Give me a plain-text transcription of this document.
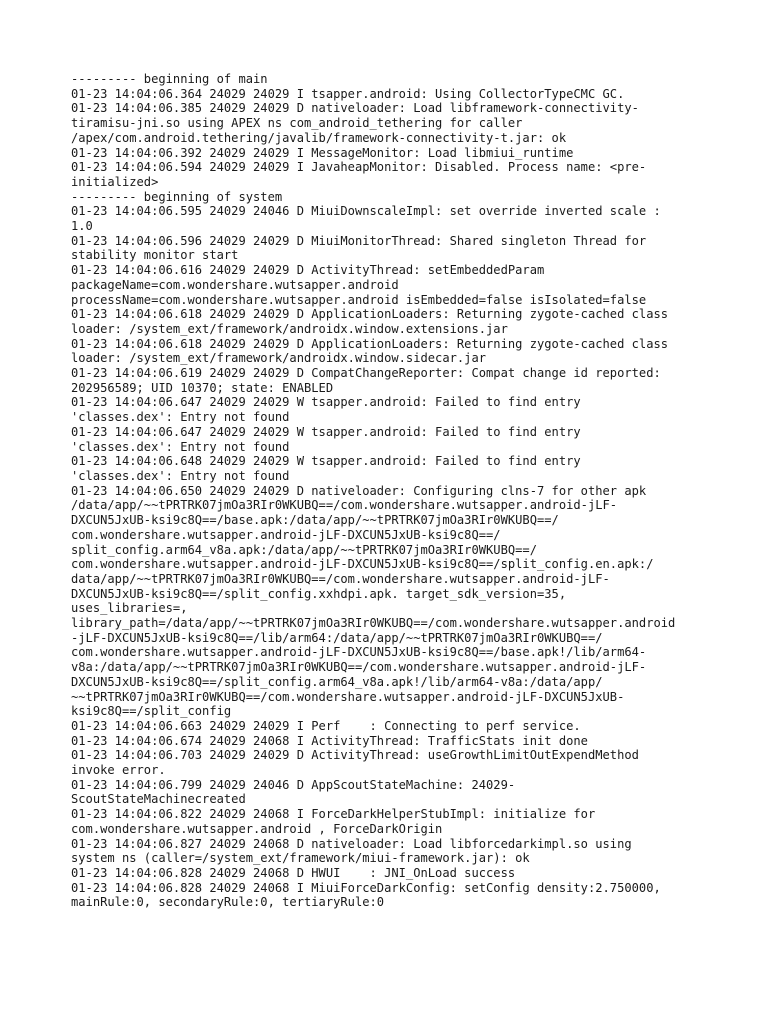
--------- beginning of main
01-23 14:04:06.364 24029 24029 I tsapper.android: Using CollectorTypeCMC GC.
01-23 14:04:06.385 24029 24029 D nativeloader: Load libframework-connectivity-
tiramisu-jni.so using APEX ns com_android_tethering for caller
/apex/com.android.tethering/javalib/framework-connectivity-t.jar: ok
01-23 14:04:06.392 24029 24029 I MessageMonitor: Load libmiui_runtime
01-23 14:04:06.594 24029 24029 I JavaheapMonitor: Disabled. Process name: <pre-
initialized>
--------- beginning of system
01-23 14:04:06.595 24029 24046 D MiuiDownscaleImpl: set override inverted scale :
1.0
01-23 14:04:06.596 24029 24029 D MiuiMonitorThread: Shared singleton Thread for
stability monitor start
01-23 14:04:06.616 24029 24029 D ActivityThread: setEmbeddedParam
packageName=com.wondershare.wutsapper.android
processName=com.wondershare.wutsapper.android isEmbedded=false isIsolated=false
01-23 14:04:06.618 24029 24029 D ApplicationLoaders: Returning zygote-cached class
loader: /system_ext/framework/androidx.window.extensions.jar
01-23 14:04:06.618 24029 24029 D ApplicationLoaders: Returning zygote-cached class
loader: /system_ext/framework/androidx.window.sidecar.jar
01-23 14:04:06.619 24029 24029 D CompatChangeReporter: Compat change id reported:
202956589; UID 10370; state: ENABLED
01-23 14:04:06.647 24029 24029 W tsapper.android: Failed to find entry
'classes.dex': Entry not found
01-23 14:04:06.647 24029 24029 W tsapper.android: Failed to find entry
'classes.dex': Entry not found
01-23 14:04:06.648 24029 24029 W tsapper.android: Failed to find entry
'classes.dex': Entry not found
01-23 14:04:06.650 24029 24029 D nativeloader: Configuring clns-7 for other apk
/data/app/~~tPRTRK07jmOa3RIr0WKUBQ==/com.wondershare.wutsapper.android-jLF-
DXCUN5JxUB-ksi9c8Q==/base.apk:/data/app/~~tPRTRK07jmOa3RIr0WKUBQ==/
com.wondershare.wutsapper.android-jLF-DXCUN5JxUB-ksi9c8Q==/
split_config.arm64_v8a.apk:/data/app/~~tPRTRK07jmOa3RIr0WKUBQ==/
com.wondershare.wutsapper.android-jLF-DXCUN5JxUB-ksi9c8Q==/split_config.en.apk:/
data/app/~~tPRTRK07jmOa3RIr0WKUBQ==/com.wondershare.wutsapper.android-jLF-
DXCUN5JxUB-ksi9c8Q==/split_config.xxhdpi.apk. target_sdk_version=35,
uses_libraries=,
library_path=/data/app/~~tPRTRK07jmOa3RIr0WKUBQ==/com.wondershare.wutsapper.android
-jLF-DXCUN5JxUB-ksi9c8Q==/lib/arm64:/data/app/~~tPRTRK07jmOa3RIr0WKUBQ==/
com.wondershare.wutsapper.android-jLF-DXCUN5JxUB-ksi9c8Q==/base.apk!/lib/arm64-
v8a:/data/app/~~tPRTRK07jmOa3RIr0WKUBQ==/com.wondershare.wutsapper.android-jLF-
DXCUN5JxUB-ksi9c8Q==/split_config.arm64_v8a.apk!/lib/arm64-v8a:/data/app/
~~tPRTRK07jmOa3RIr0WKUBQ==/com.wondershare.wutsapper.android-jLF-DXCUN5JxUB-
ksi9c8Q==/split_config
01-23 14:04:06.663 24029 24029 I Perf    : Connecting to perf service.
01-23 14:04:06.674 24029 24068 I ActivityThread: TrafficStats init done
01-23 14:04:06.703 24029 24029 D ActivityThread: useGrowthLimitOutExpendMethod
invoke error.
01-23 14:04:06.799 24029 24046 D AppScoutStateMachine: 24029-
ScoutStateMachinecreated
01-23 14:04:06.822 24029 24068 I ForceDarkHelperStubImpl: initialize for
com.wondershare.wutsapper.android , ForceDarkOrigin
01-23 14:04:06.827 24029 24068 D nativeloader: Load libforcedarkimpl.so using
system ns (caller=/system_ext/framework/miui-framework.jar): ok
01-23 14:04:06.828 24029 24068 D HWUI    : JNI_OnLoad success
01-23 14:04:06.828 24029 24068 I MiuiForceDarkConfig: setConfig density:2.750000,
mainRule:0, secondaryRule:0, tertiaryRule:0
